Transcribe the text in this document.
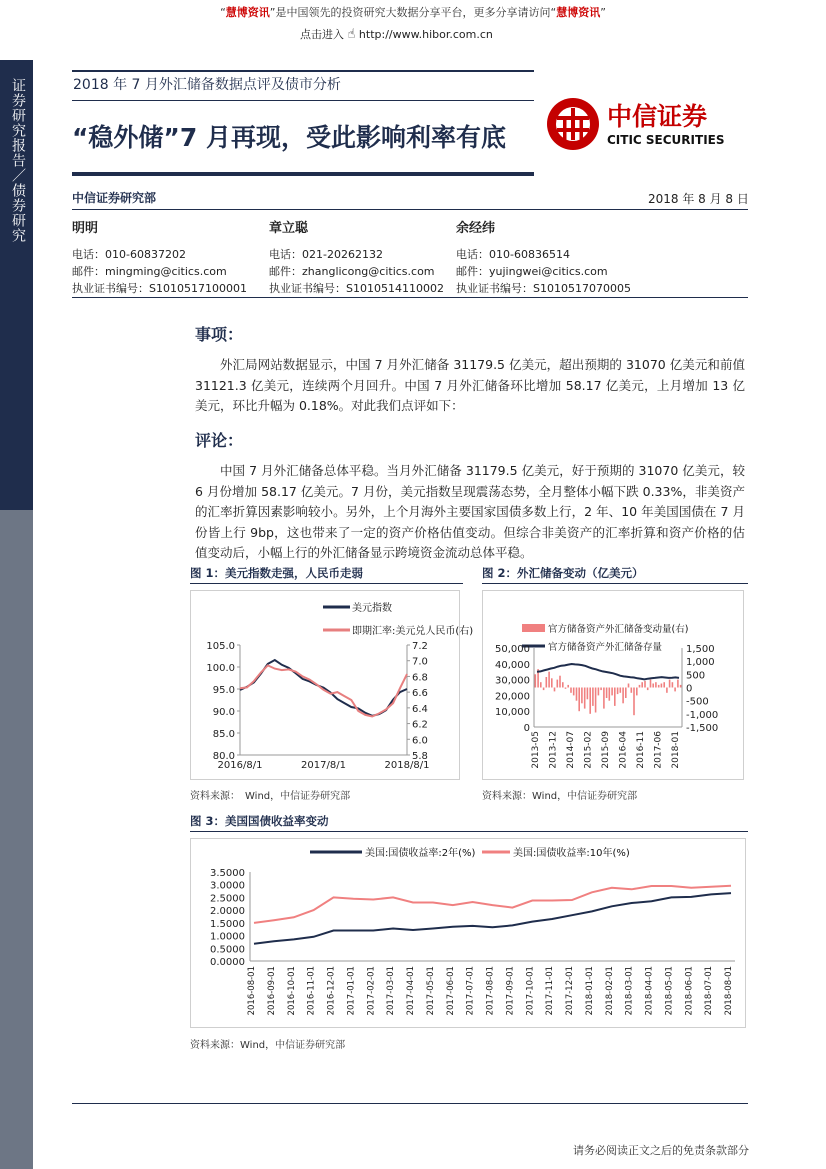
“慧博资讯”是中国领先的投资研究大数据分享平台，更多分享请访问“慧博资讯”
点击进入 ☝ http://www.hibor.com.cn
证券研究报告／债券研究	2018 年 7 月外汇储备数据点评及债市分析
“稳外储”7 月再现，受此影响利率有底
中信证券
CITIC SECURITIES
中信证券研究部	2018 年 8 月 8 日
明明
电话：010-60837202
邮件：mingming@citics.com
执业证书编号：S1010517100001
章立聪
电话：021-20262132
邮件：zhanglicong@citics.com
执业证书编号：S1010514110002
余经纬
电话：010-60836514
邮件：yujingwei@citics.com
执业证书编号：S1010517070005
事项：
外汇局网站数据显示，中国 7 月外汇储备 31179.5 亿美元，超出预期的 31070 亿美元和前值 31121.3 亿美元，连续两个月回升。中国 7 月外汇储备环比增加 58.17 亿美元，上月增加 13 亿美元，环比升幅为 0.18%。对此我们点评如下：
评论：
中国 7 月外汇储备总体平稳。当月外汇储备 31179.5 亿美元，好于预期的 31070 亿美元，较 6 月份增加 58.17 亿美元。7 月份，美元指数呈现震荡态势，全月整体小幅下跌 0.33%，非美资产的汇率折算因素影响较小。另外，上个月海外主要国家国债多数上行，2 年、10 年美国国债在 7 月份皆上行 9bp，这也带来了一定的资产价格估值变动。但综合非美资产的汇率折算和资产价格的估值变动后，小幅上行的外汇储备显示跨境资金流动总体平稳。
图 1：美元指数走强，人民币走弱
美元指数
即期汇率:美元兑人民币(右)
105.0
100.0
95.0
90.0
85.0
80.0
7.2
7.0
6.8
6.6
6.4
6.2
6.0
5.8
2016/8/1	2017/8/1	2018/8/1
资料来源：　Wind，中信证券研究部
图 2：外汇储备变动（亿美元）
官方储备资产外汇储备变动量(右)
官方储备资产外汇储备存量
50,000
40,000
30,000
20,000
10,000
0
1,500
1,000
500
0
-500
-1,000
-1,500
2013-05 2013-12 2014-07 2015-02 2015-09 2016-04 2016-11 2017-06 2018-01
资料来源：Wind，中信证券研究部
图 3：美国国债收益率变动
美国:国债收益率:2年(%)	美国:国债收益率:10年(%)
3.5000
3.0000
2.5000
2.0000
1.5000
1.0000
0.5000
0.0000
2016-08-01 2016-09-01 2016-10-01 2016-11-01 2016-12-01 2017-01-01 2017-02-01 2017-03-01 2017-04-01 2017-05-01 2017-06-01 2017-07-01 2017-08-01 2017-09-01 2017-10-01 2017-11-01 2017-12-01 2018-01-01 2018-02-01 2018-03-01 2018-04-01 2018-05-01 2018-06-01 2018-07-01 2018-08-01
资料来源：Wind，中信证券研究部
请务必阅读正文之后的免责条款部分
